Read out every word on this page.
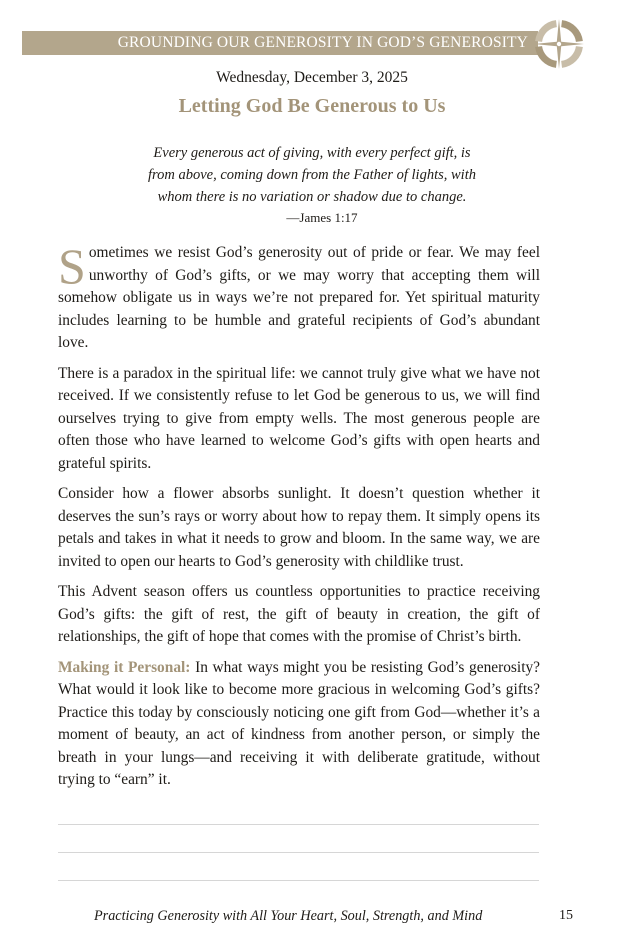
GROUNDING OUR GENEROSITY IN GOD’S GENEROSITY
Wednesday, December 3, 2025
Letting God Be Generous to Us
Every generous act of giving, with every perfect gift, is
from above, coming down from the Father of lights, with
whom there is no variation or shadow due to change.
—James 1:17

Sometimes we resist God’s generosity out of pride or fear. We may feel unworthy of God’s gifts, or we may worry that accepting them will somehow obligate us in ways we’re not prepared for. Yet spiritual maturity includes learning to be humble and grateful recipients of God’s abundant love.

There is a paradox in the spiritual life: we cannot truly give what we have not received. If we consistently refuse to let God be generous to us, we will find ourselves trying to give from empty wells. The most generous people are often those who have learned to welcome God’s gifts with open hearts and grateful spirits.

Consider how a flower absorbs sunlight. It doesn’t question whether it deserves the sun’s rays or worry about how to repay them. It simply opens its petals and takes in what it needs to grow and bloom. In the same way, we are invited to open our hearts to God’s generosity with childlike trust.

This Advent season offers us countless opportunities to practice receiving God’s gifts: the gift of rest, the gift of beauty in creation, the gift of relationships, the gift of hope that comes with the promise of Christ’s birth.

Making it Personal: In what ways might you be resisting God’s generosity? What would it look like to become more gracious in welcoming God’s gifts? Practice this today by consciously noticing one gift from God—whether it’s a moment of beauty, an act of kindness from another person, or simply the breath in your lungs—and receiving it with deliberate gratitude, without trying to “earn” it.

Practicing Generosity with All Your Heart, Soul, Strength, and Mind	15
